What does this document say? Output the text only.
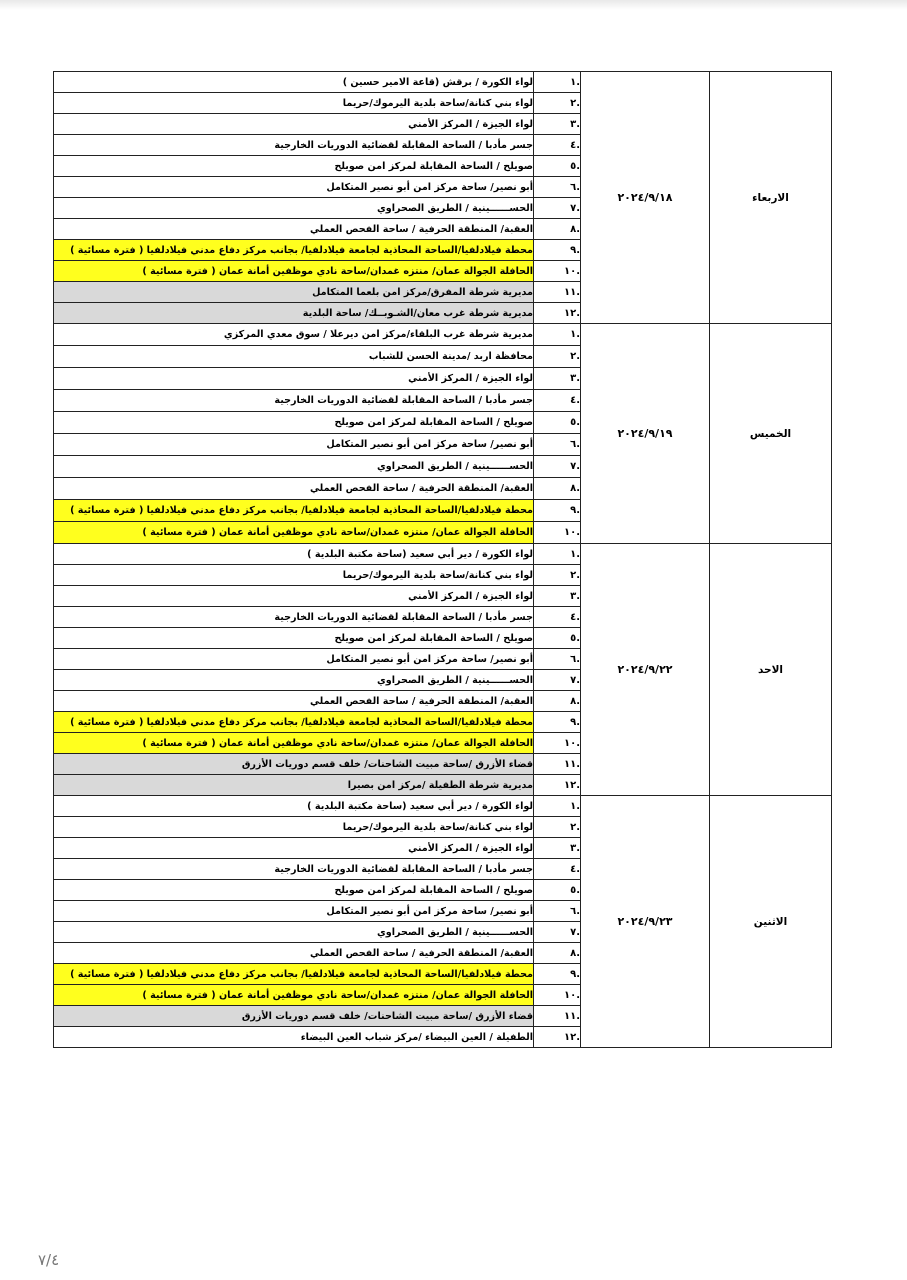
الاربعاء	٢٠٢٤/٩/١٨	.١	لواء الكورة / برقش (قاعة الامير حسين )
		.٢	لواء بني كنانة/ساحة بلدية اليرموك/حريما
		.٣	لواء الجيزة / المركز الأمني
		.٤	جسر مأدبا / الساحة المقابلة لقضائية الدوريات الخارجية
		.٥	صويلح / الساحة المقابلة لمركز امن صويلح
		.٦	أبو نصير/ ساحة مركز امن أبو نصير المتكامل
		.٧	الحســــــينية / الطريق الصحراوي
		.٨	العقبة/ المنطقة الحرفية / ساحة الفحص العملي
		.٩	محطة فيلادلفيا/الساحة المحاذية لجامعة فيلادلفيا/ بجانب مركز دفاع مدني فيلادلفيا ( فترة مسائية )
		.١٠	الحافلة الجوالة عمان/ منتزه غمدان/ساحة نادي موظفين أمانة عمان ( فترة مسائية )
		.١١	مديرية شرطة المفرق/مركز امن بلعما المتكامل
		.١٢	مديرية شرطة غرب معان/الشـوبــك/ ساحة البلدية
الخميس	٢٠٢٤/٩/١٩	.١	مديرية شرطة غرب البلقاء/مركز امن ديرعلا / سوق معدي المركزي
		.٢	محافظة اربد /مدينة الحسن للشباب
		.٣	لواء الجيزة / المركز الأمني
		.٤	جسر مأدبا / الساحة المقابلة لقضائية الدوريات الخارجية
		.٥	صويلح / الساحة المقابلة لمركز امن صويلح
		.٦	أبو نصير/ ساحة مركز امن أبو نصير المتكامل
		.٧	الحســــــينية / الطريق الصحراوي
		.٨	العقبة/ المنطقة الحرفية / ساحة الفحص العملي
		.٩	محطة فيلادلفيا/الساحة المحاذية لجامعة فيلادلفيا/ بجانب مركز دفاع مدني فيلادلفيا ( فترة مسائية )
		.١٠	الحافلة الجوالة عمان/ منتزه غمدان/ساحة نادي موظفين أمانة عمان ( فترة مسائية )
الاحد	٢٠٢٤/٩/٢٢	.١	لواء الكورة / دير أبي سعيد (ساحة مكتبة البلدية )
		.٢	لواء بني كنانة/ساحة بلدية اليرموك/حريما
		.٣	لواء الجيزة / المركز الأمني
		.٤	جسر مأدبا / الساحة المقابلة لقضائية الدوريات الخارجية
		.٥	صويلح / الساحة المقابلة لمركز امن صويلح
		.٦	أبو نصير/ ساحة مركز امن أبو نصير المتكامل
		.٧	الحســــــينية / الطريق الصحراوي
		.٨	العقبة/ المنطقة الحرفية / ساحة الفحص العملي
		.٩	محطة فيلادلفيا/الساحة المحاذية لجامعة فيلادلفيا/ بجانب مركز دفاع مدني فيلادلفيا ( فترة مسائية )
		.١٠	الحافلة الجوالة عمان/ منتزه غمدان/ساحة نادي موظفين أمانة عمان ( فترة مسائية )
		.١١	قضاء الأزرق /ساحة مبيت الشاحنات/ خلف قسم دوريات الأزرق
		.١٢	مديرية شرطة الطفيلة /مركز امن بصيرا
الاثنين	٢٠٢٤/٩/٢٣	.١	لواء الكورة / دير أبي سعيد (ساحة مكتبة البلدية )
		.٢	لواء بني كنانة/ساحة بلدية اليرموك/حريما
		.٣	لواء الجيزة / المركز الأمني
		.٤	جسر مأدبا / الساحة المقابلة لقضائية الدوريات الخارجية
		.٥	صويلح / الساحة المقابلة لمركز امن صويلح
		.٦	أبو نصير/ ساحة مركز امن أبو نصير المتكامل
		.٧	الحســــــينية / الطريق الصحراوي
		.٨	العقبة/ المنطقة الحرفية / ساحة الفحص العملي
		.٩	محطة فيلادلفيا/الساحة المحاذية لجامعة فيلادلفيا/ بجانب مركز دفاع مدني فيلادلفيا ( فترة مسائية )
		.١٠	الحافلة الجوالة عمان/ منتزه غمدان/ساحة نادي موظفين أمانة عمان ( فترة مسائية )
		.١١	قضاء الأزرق /ساحة مبيت الشاحنات/ خلف قسم دوريات الأزرق
		.١٢	الطفيلة / العين البيضاء /مركز شباب العين البيضاء
٧/٤
